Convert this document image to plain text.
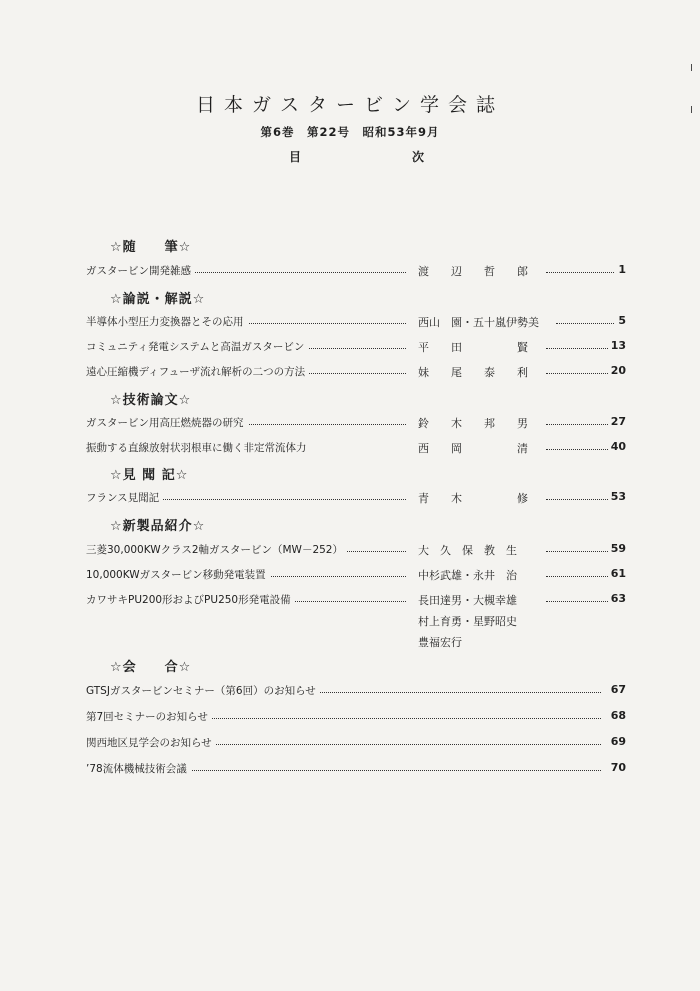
日本ガスタービン学会誌
第6巻　第22号　昭和53年9月
目	次
☆随　　筆☆
ガスタービン開発雑感	渡　　辺　　哲　　郎	1
☆論説・解説☆
半導体小型圧力変換器とその応用	西山　園・五十嵐伊勢美	5
コミュニティ発電システムと高温ガスタービン	平　　田　　　　　賢	13
遠心圧縮機ディフューザ流れ解析の二つの方法	妹　　尾　　泰　　利	20
☆技術論文☆
ガスタービン用高圧燃焼器の研究	鈴　　木　　邦　　男	27
振動する直線放射状羽根車に働く非定常流体力	西　　岡　　　　　清	40
☆見 聞 記☆
フランス見聞記	青　　木　　　　　修	53
☆新製品紹介☆
三菱30,000KWクラス2軸ガスタービン（MW－252）	大　久　保　教　生	59
10,000KWガスタービン移動発電装置	中杉武雄・永井　治	61
カワサキPU200形およびPU250形発電設備	長田達男・大槻幸雄	63
村上育勇・星野昭史
豊福宏行
☆会　　合☆
GTSJガスタービンセミナー（第6回）のお知らせ	67
第7回セミナーのお知らせ	68
関西地区見学会のお知らせ	69
’78流体機械技術会議	70
I
I
